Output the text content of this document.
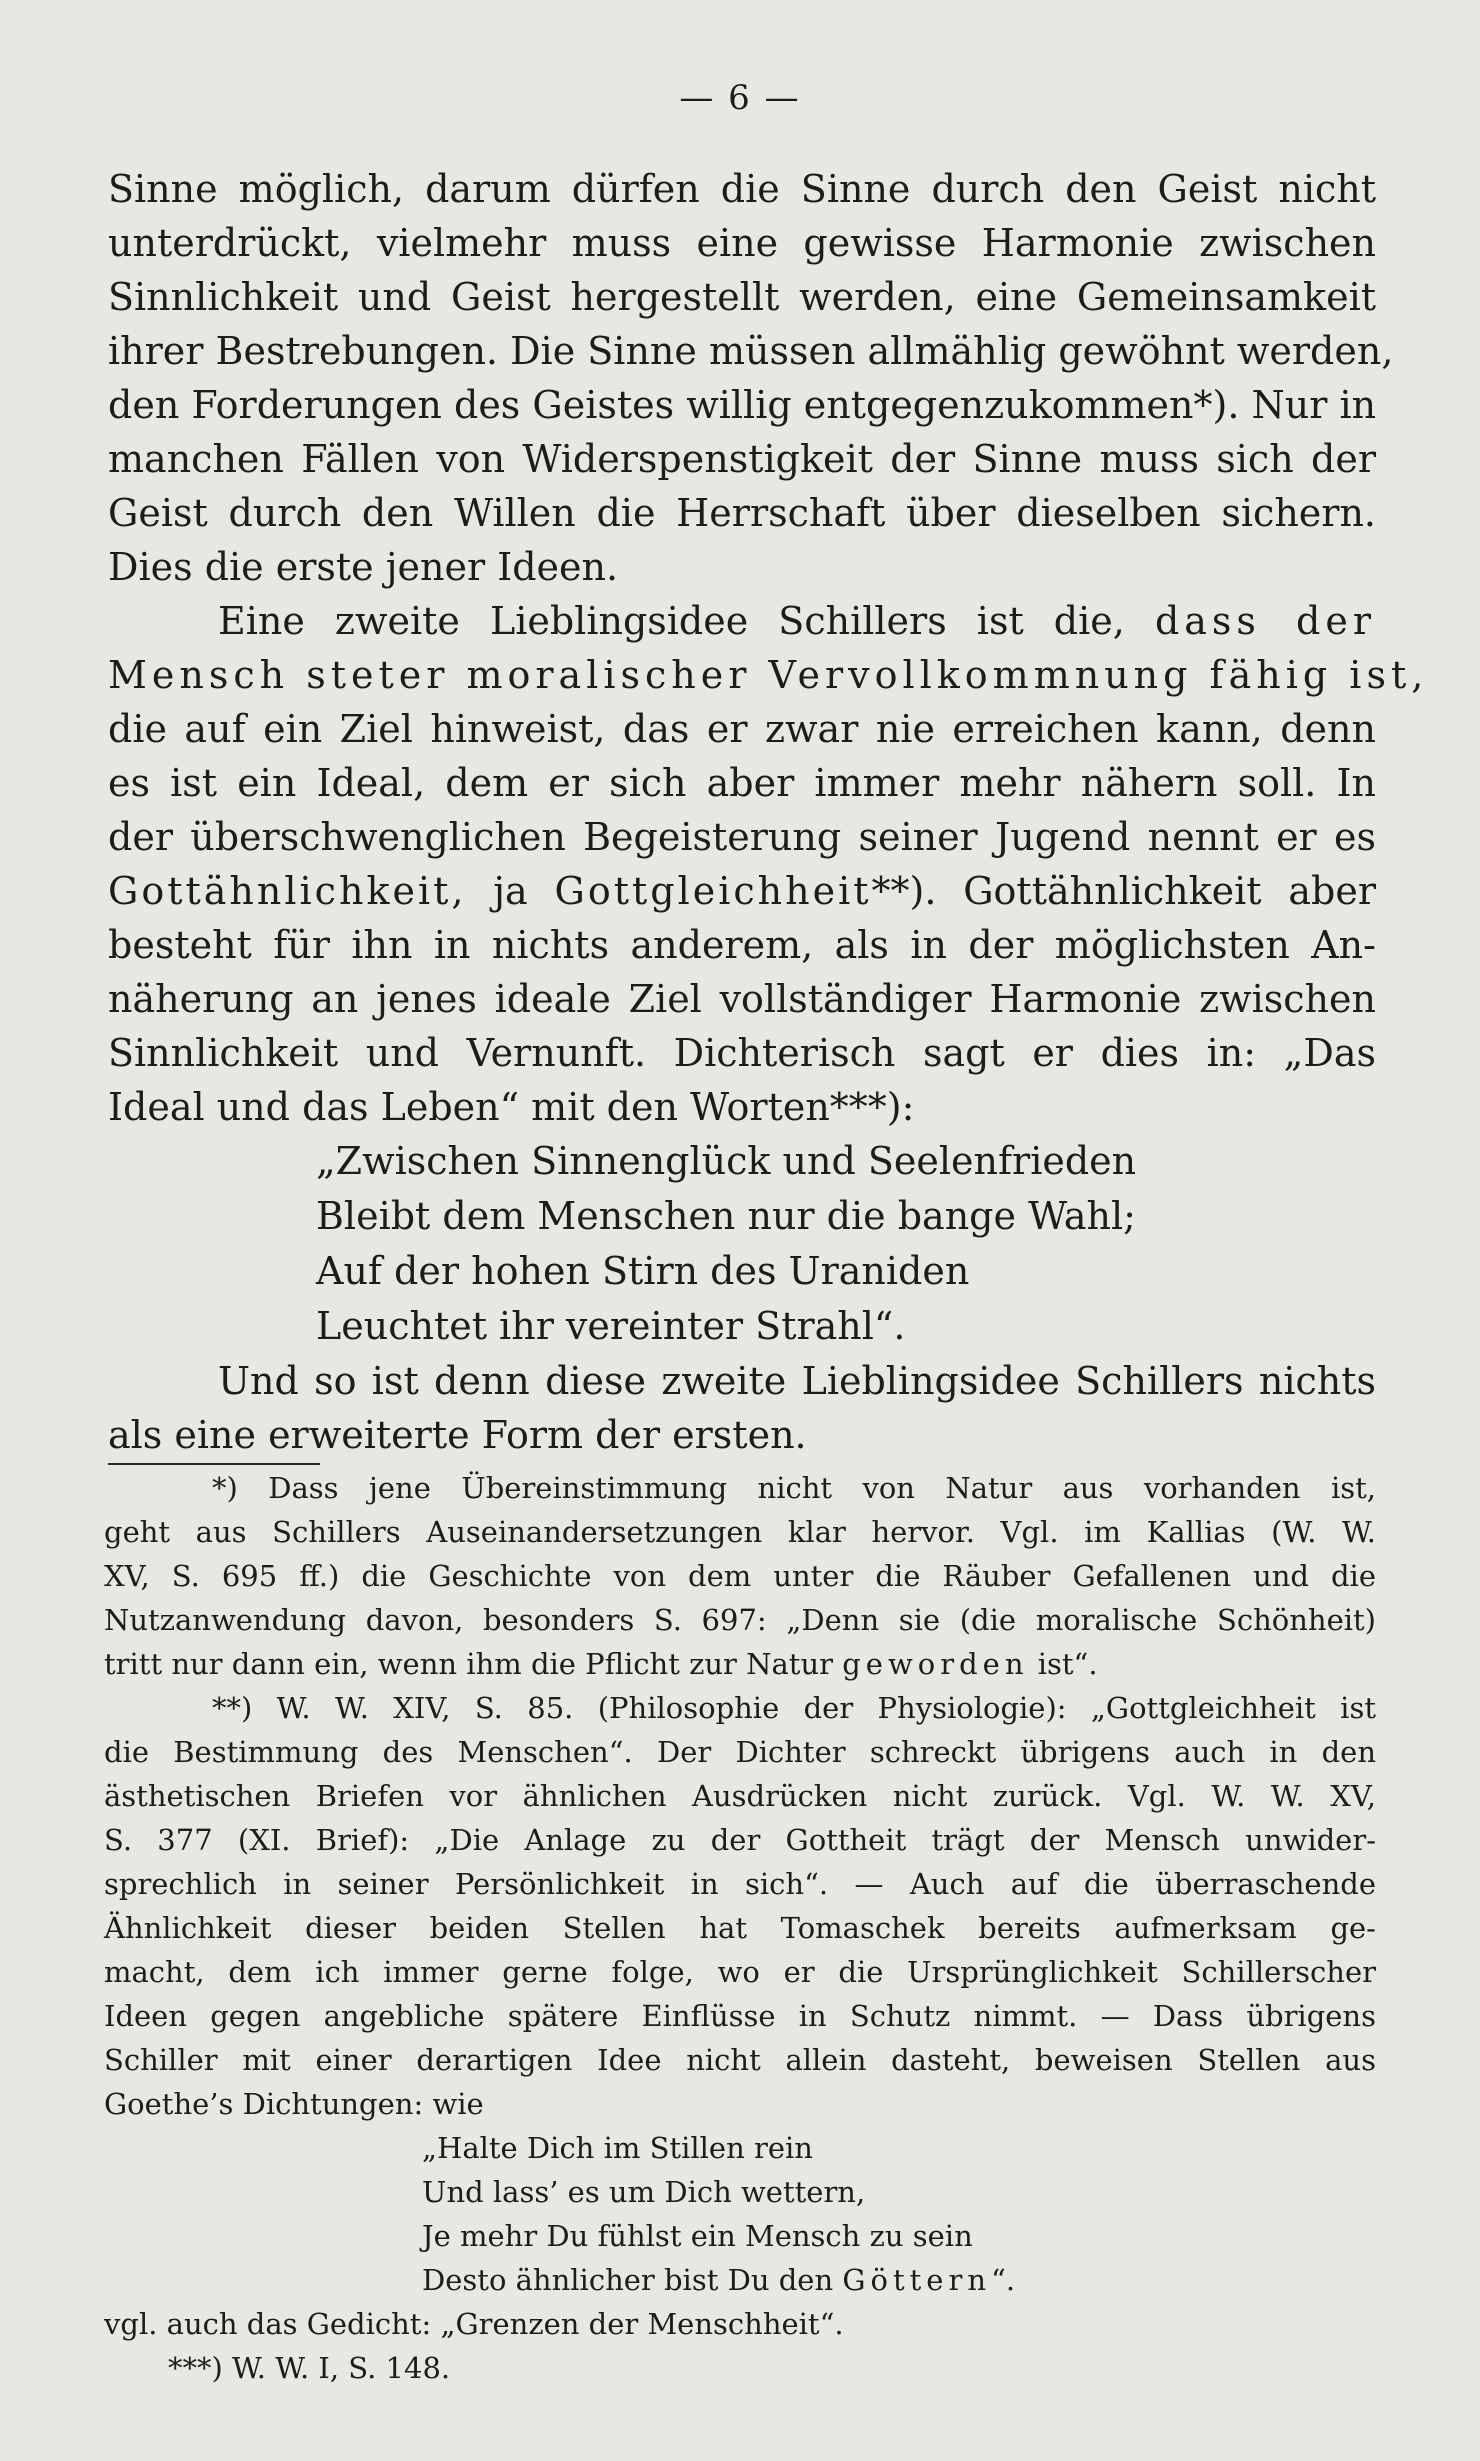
— 6 —
Sinne möglich, darum dürfen die Sinne durch den Geist nicht
unterdrückt, vielmehr muss eine gewisse Harmonie zwischen
Sinnlichkeit und Geist hergestellt werden, eine Gemeinsamkeit
ihrer Bestrebungen. Die Sinne müssen allmählig gewöhnt werden,
den Forderungen des Geistes willig entgegenzukommen*). Nur in
manchen Fällen von Widerspenstigkeit der Sinne muss sich der
Geist durch den Willen die Herrschaft über dieselben sichern.
Dies die erste jener Ideen.
Eine zweite Lieblingsidee Schillers ist die, dass der
Mensch steter moralischer Vervollkommnung fähig ist,
die auf ein Ziel hinweist, das er zwar nie erreichen kann, denn
es ist ein Ideal, dem er sich aber immer mehr nähern soll. In
der überschwenglichen Begeisterung seiner Jugend nennt er es
Gottähnlichkeit, ja Gottgleichheit**). Gottähnlichkeit aber
besteht für ihn in nichts anderem, als in der möglichsten An-
näherung an jenes ideale Ziel vollständiger Harmonie zwischen
Sinnlichkeit und Vernunft. Dichterisch sagt er dies in: „Das
Ideal und das Leben“ mit den Worten***):
„Zwischen Sinnenglück und Seelenfrieden
Bleibt dem Menschen nur die bange Wahl;
Auf der hohen Stirn des Uraniden
Leuchtet ihr vereinter Strahl“.
Und so ist denn diese zweite Lieblingsidee Schillers nichts
als eine erweiterte Form der ersten.
*) Dass jene Übereinstimmung nicht von Natur aus vorhanden ist,
geht aus Schillers Auseinandersetzungen klar hervor. Vgl. im Kallias (W. W.
XV, S. 695 ff.) die Geschichte von dem unter die Räuber Gefallenen und die
Nutzanwendung davon, besonders S. 697: „Denn sie (die moralische Schönheit)
tritt nur dann ein, wenn ihm die Pflicht zur Natur geworden ist“.
**) W. W. XIV, S. 85. (Philosophie der Physiologie): „Gottgleichheit ist
die Bestimmung des Menschen“. Der Dichter schreckt übrigens auch in den
ästhetischen Briefen vor ähnlichen Ausdrücken nicht zurück. Vgl. W. W. XV,
S. 377 (XI. Brief): „Die Anlage zu der Gottheit trägt der Mensch unwider-
sprechlich in seiner Persönlichkeit in sich“. — Auch auf die überraschende
Ähnlichkeit dieser beiden Stellen hat Tomaschek bereits aufmerksam ge-
macht, dem ich immer gerne folge, wo er die Ursprünglichkeit Schillerscher
Ideen gegen angebliche spätere Einflüsse in Schutz nimmt. — Dass übrigens
Schiller mit einer derartigen Idee nicht allein dasteht, beweisen Stellen aus
Goethe’s Dichtungen: wie
„Halte Dich im Stillen rein
Und lass’ es um Dich wettern,
Je mehr Du fühlst ein Mensch zu sein
Desto ähnlicher bist Du den Göttern“.
vgl. auch das Gedicht: „Grenzen der Menschheit“.
***) W. W. I, S. 148.
